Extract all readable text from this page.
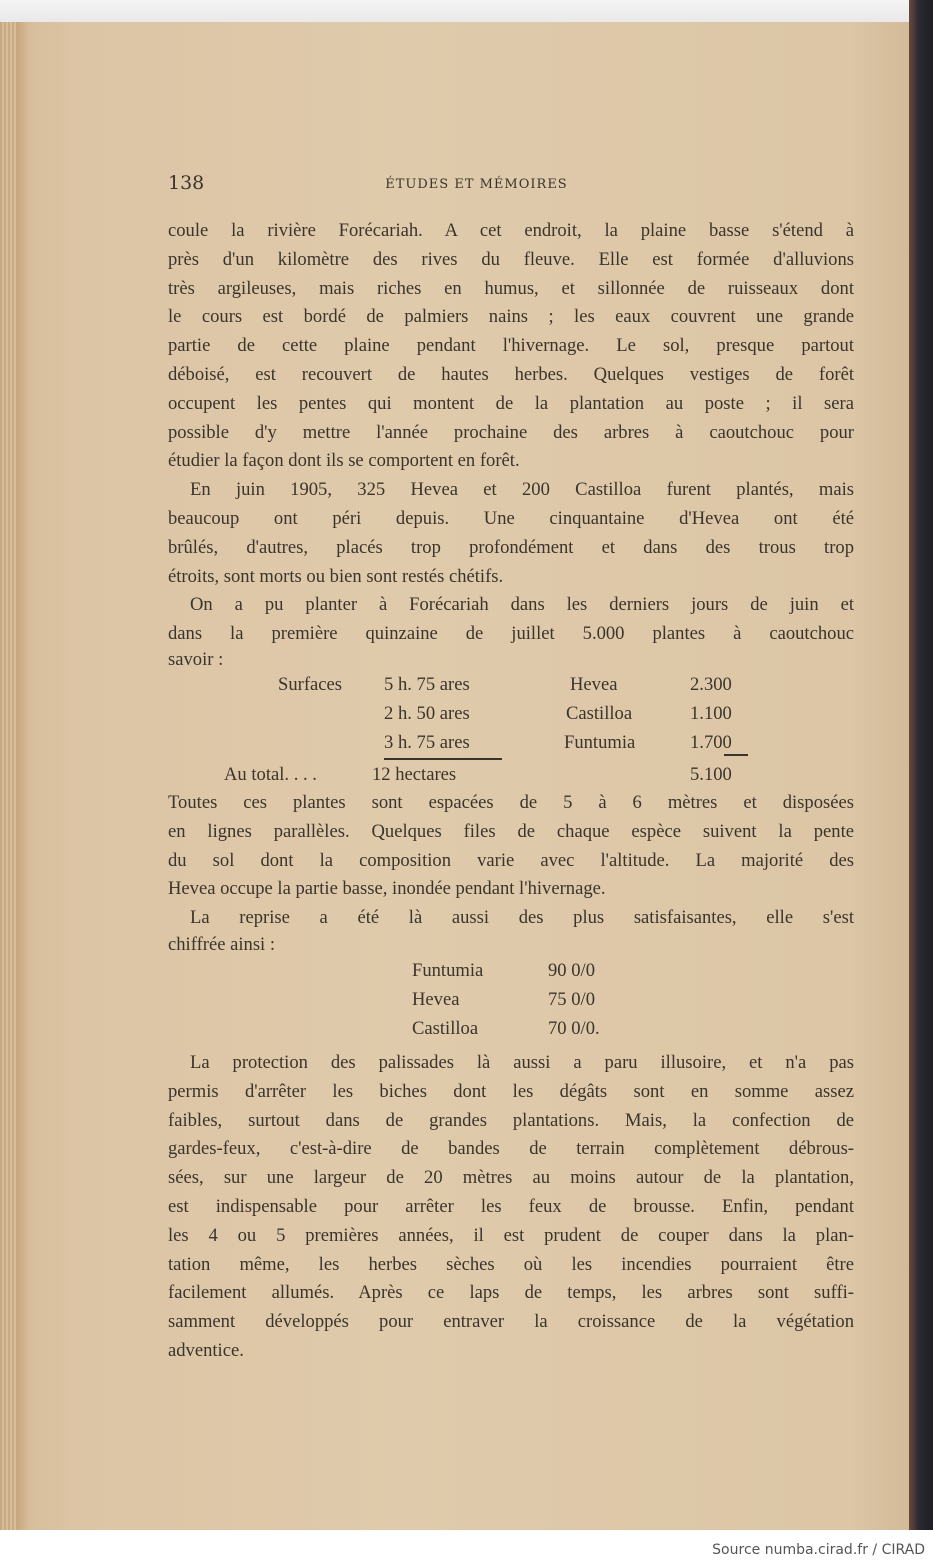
138	ÉTUDES ET MÉMOIRES
coule la rivière Forécariah. A cet endroit, la plaine basse s'étend à
près d'un kilomètre des rives du fleuve. Elle est formée d'alluvions
très argileuses, mais riches en humus, et sillonnée de ruisseaux dont
le cours est bordé de palmiers nains ; les eaux couvrent une grande
partie de cette plaine pendant l'hivernage. Le sol, presque partout
déboisé, est recouvert de hautes herbes. Quelques vestiges de forêt
occupent les pentes qui montent de la plantation au poste ; il sera
possible d'y mettre l'année prochaine des arbres à caoutchouc pour
étudier la façon dont ils se comportent en forêt.
En juin 1905, 325 Hevea et 200 Castilloa furent plantés, mais
beaucoup ont péri depuis. Une cinquantaine d'Hevea ont été
brûlés, d'autres, placés trop profondément et dans des trous trop
étroits, sont morts ou bien sont restés chétifs.
On a pu planter à Forécariah dans les derniers jours de juin et
dans la première quinzaine de juillet 5.000 plantes à caoutchouc
savoir :
Surfaces 5 h. 75 ares	Hevea	2.300
2 h. 50 ares	Castilloa	1.100
3 h. 75 ares	Funtumia	1.700
Au total. . . .	12 hectares	5.100
Toutes ces plantes sont espacées de 5 à 6 mètres et disposées
en lignes parallèles. Quelques files de chaque espèce suivent la pente
du sol dont la composition varie avec l'altitude. La majorité des
Hevea occupe la partie basse, inondée pendant l'hivernage.
La reprise a été là aussi des plus satisfaisantes, elle s'est
chiffrée ainsi :
Funtumia	90 0/0
Hevea	75 0/0
Castilloa	70 0/0.
La protection des palissades là aussi a paru illusoire, et n'a pas
permis d'arrêter les biches dont les dégâts sont en somme assez
faibles, surtout dans de grandes plantations. Mais, la confection de
gardes-feux, c'est-à-dire de bandes de terrain complètement débrous-
sées, sur une largeur de 20 mètres au moins autour de la plantation,
est indispensable pour arrêter les feux de brousse. Enfin, pendant
les 4 ou 5 premières années, il est prudent de couper dans la plan-
tation même, les herbes sèches où les incendies pourraient être
facilement allumés. Après ce laps de temps, les arbres sont suffi-
samment développés pour entraver la croissance de la végétation
adventice.
Source numba.cirad.fr / CIRAD
